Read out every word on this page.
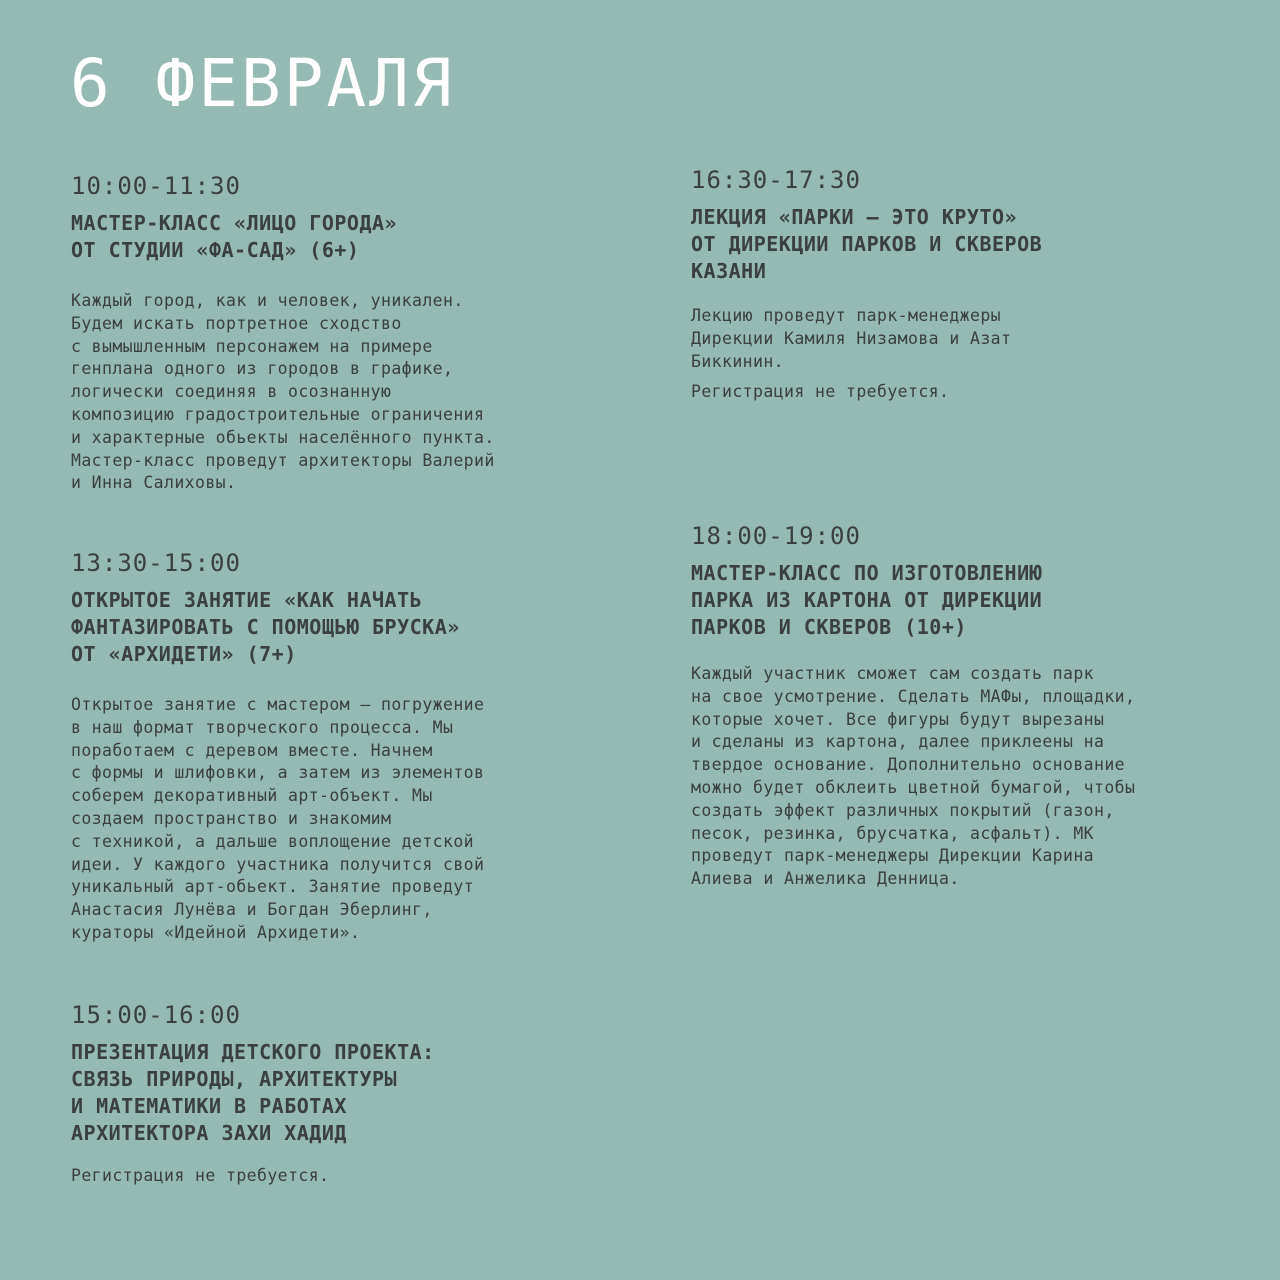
6 ФЕВРАЛЯ
10:00-11:30
МАСТЕР-КЛАСС «ЛИЦО ГОРОДА»
ОТ СТУДИИ «ФА-САД» (6+)
Каждый город, как и человек, уникален.
Будем искать портретное сходство
с вымышленным персонажем на примере
генплана одного из городов в графике,
логически соединяя в осознанную
композицию градостроительные ограничения
и характерные обьекты населённого пункта.
Мастер-класс проведут архитекторы Валерий
и Инна Салиховы.
13:30-15:00
ОТКРЫТОЕ ЗАНЯТИЕ «КАК НАЧАТЬ
ФАНТАЗИРОВАТЬ С ПОМОЩЬЮ БРУСКА»
ОТ «АРХИДЕТИ» (7+)
Открытое занятие с мастером – погружение
в наш формат творческого процесса. Мы
поработаем с деревом вместе. Начнем
с формы и шлифовки, а затем из элементов
соберем декоративный арт-объект. Мы
создаем пространство и знакомим
с техникой, а дальше воплощение детской
идеи. У каждого участника получится свой
уникальный арт-обьект. Занятие проведут
Анастасия Лунёва и Богдан Эберлинг,
кураторы «Идейной Архидети».
15:00-16:00
ПРЕЗЕНТАЦИЯ ДЕТСКОГО ПРОЕКТА:
СВЯЗЬ ПРИРОДЫ, АРХИТЕКТУРЫ
И МАТЕМАТИКИ В РАБОТАХ
АРХИТЕКТОРА ЗАХИ ХАДИД
Регистрация не требуется.
16:30-17:30
ЛЕКЦИЯ «ПАРКИ – ЭТО КРУТО»
ОТ ДИРЕКЦИИ ПАРКОВ И СКВЕРОВ
КАЗАНИ
Лекцию проведут парк-менеджеры
Дирекции Камиля Низамова и Азат
Биккинин.
Регистрация не требуется.
18:00-19:00
МАСТЕР-КЛАСС ПО ИЗГОТОВЛЕНИЮ
ПАРКА ИЗ КАРТОНА ОТ ДИРЕКЦИИ
ПАРКОВ И СКВЕРОВ (10+)
Каждый участник сможет сам создать парк
на свое усмотрение. Сделать МАФы, площадки,
которые хочет. Все фигуры будут вырезаны
и сделаны из картона, далее приклеены на
твердое основание. Дополнительно основание
можно будет обклеить цветной бумагой, чтобы
создать эффект различных покрытий (газон,
песок, резинка, брусчатка, асфальт). МК
проведут парк-менеджеры Дирекции Карина
Алиева и Анжелика Денница.
